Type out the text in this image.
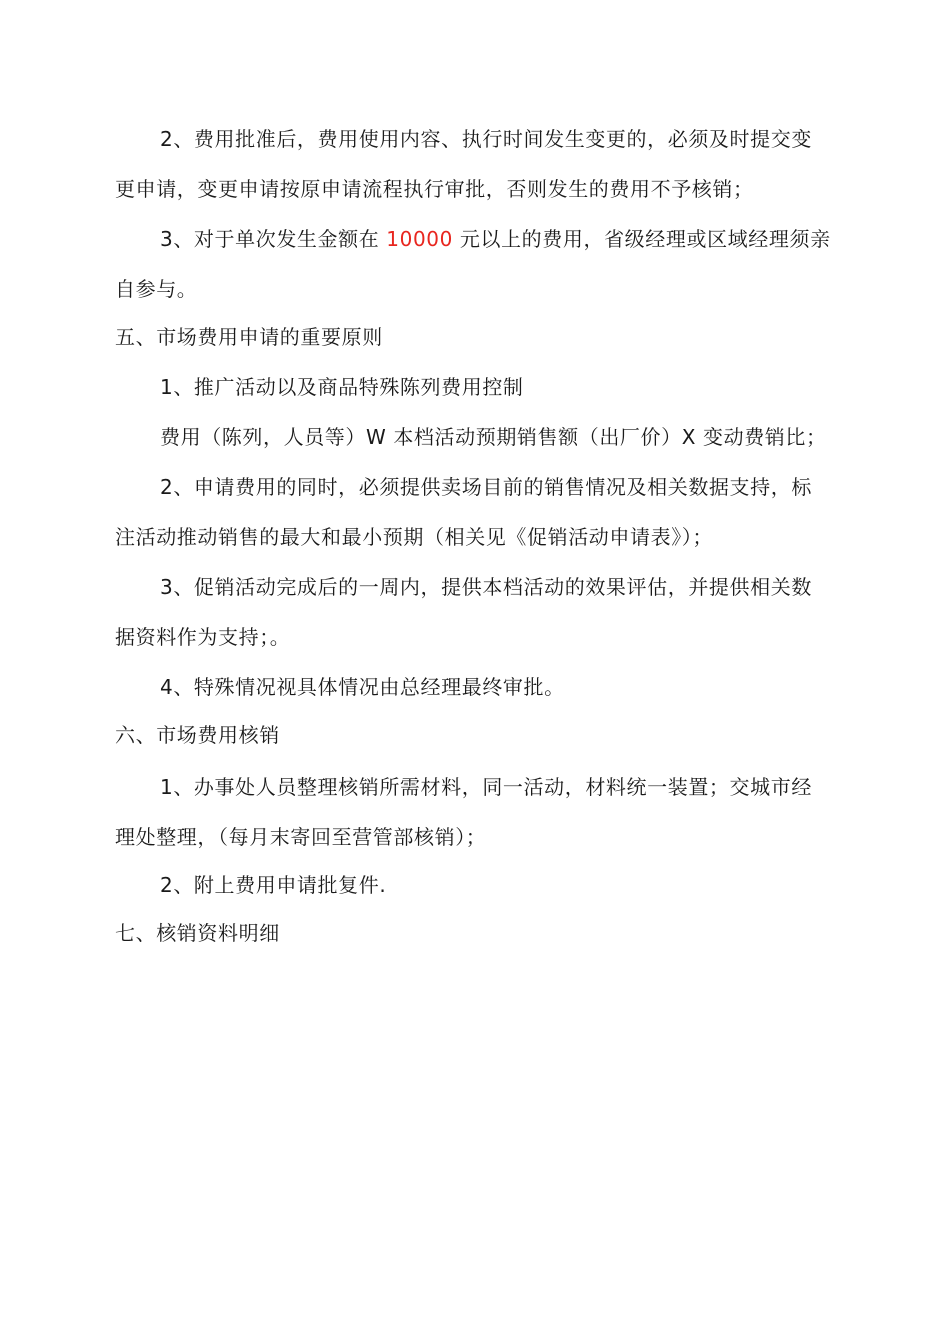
2、费用批准后，费用使用内容、执行时间发生变更的，必须及时提交变
更申请，变更申请按原申请流程执行审批，否则发生的费用不予核销；
3、对于单次发生金额在 10000 元以上的费用，省级经理或区域经理须亲
自参与。
五、市场费用申请的重要原则
1、推广活动以及商品特殊陈列费用控制
费用（陈列，人员等）W 本档活动预期销售额（出厂价）X 变动费销比；
2、申请费用的同时，必须提供卖场目前的销售情况及相关数据支持，标
注活动推动销售的最大和最小预期（相关见《促销活动申请表》）；
3、促销活动完成后的一周内，提供本档活动的效果评估，并提供相关数
据资料作为支持；。
4、特殊情况视具体情况由总经理最终审批。
六、市场费用核销
1、办事处人员整理核销所需材料，同一活动，材料统一装置；交城市经
理处整理，（每月末寄回至营管部核销）；
2、附上费用申请批复件.
七、核销资料明细
